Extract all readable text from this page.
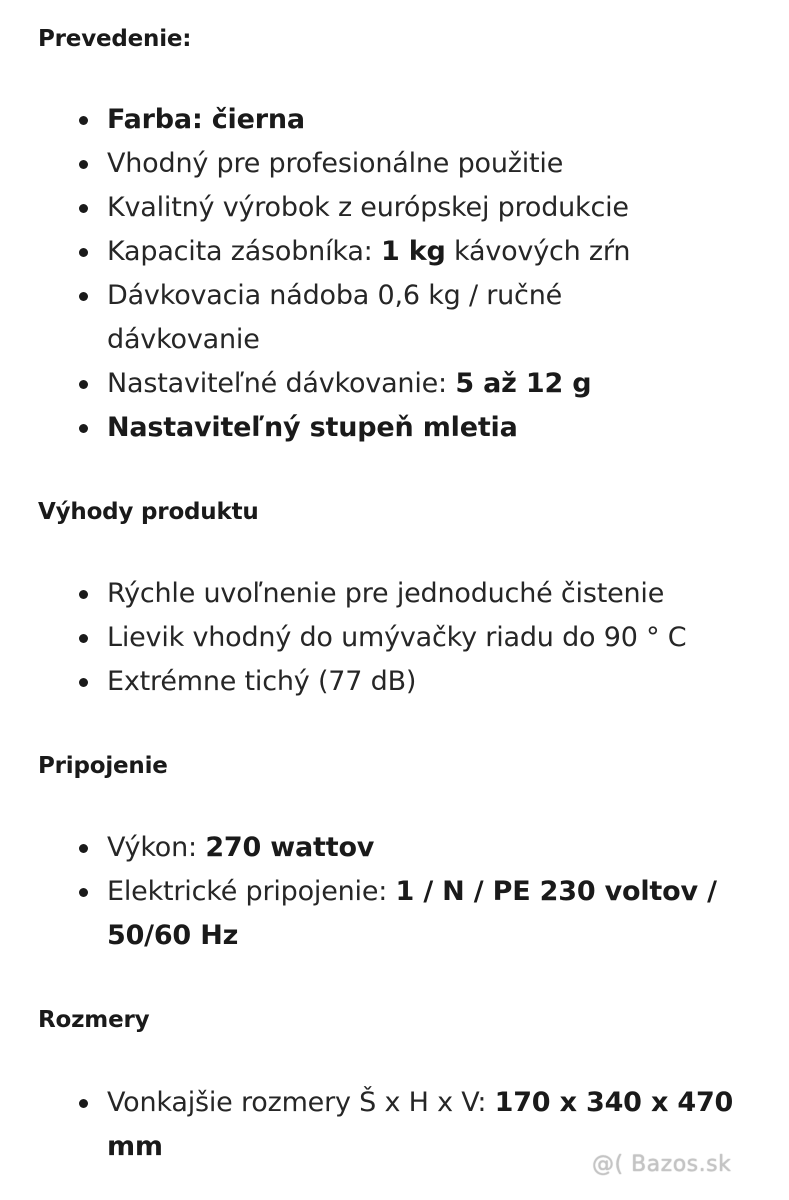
Prevedenie:
Farba: čierna
Vhodný pre profesionálne použitie
Kvalitný výrobok z európskej produkcie
Kapacita zásobníka: 1 kg kávových zŕn
Dávkovacia nádoba 0,6 kg / ručné
dávkovanie
Nastaviteľné dávkovanie: 5 až 12 g
Nastaviteľný stupeň mletia
Výhody produktu
Rýchle uvoľnenie pre jednoduché čistenie
Lievik vhodný do umývačky riadu do 90 ° C
Extrémne tichý (77 dB)
Pripojenie
Výkon: 270 wattov
Elektrické pripojenie: 1 / N / PE 230 voltov /
50/60 Hz
Rozmery
Vonkajšie rozmery Š x H x V: 170 x 340 x 470
mm
@( Bazos.sk
